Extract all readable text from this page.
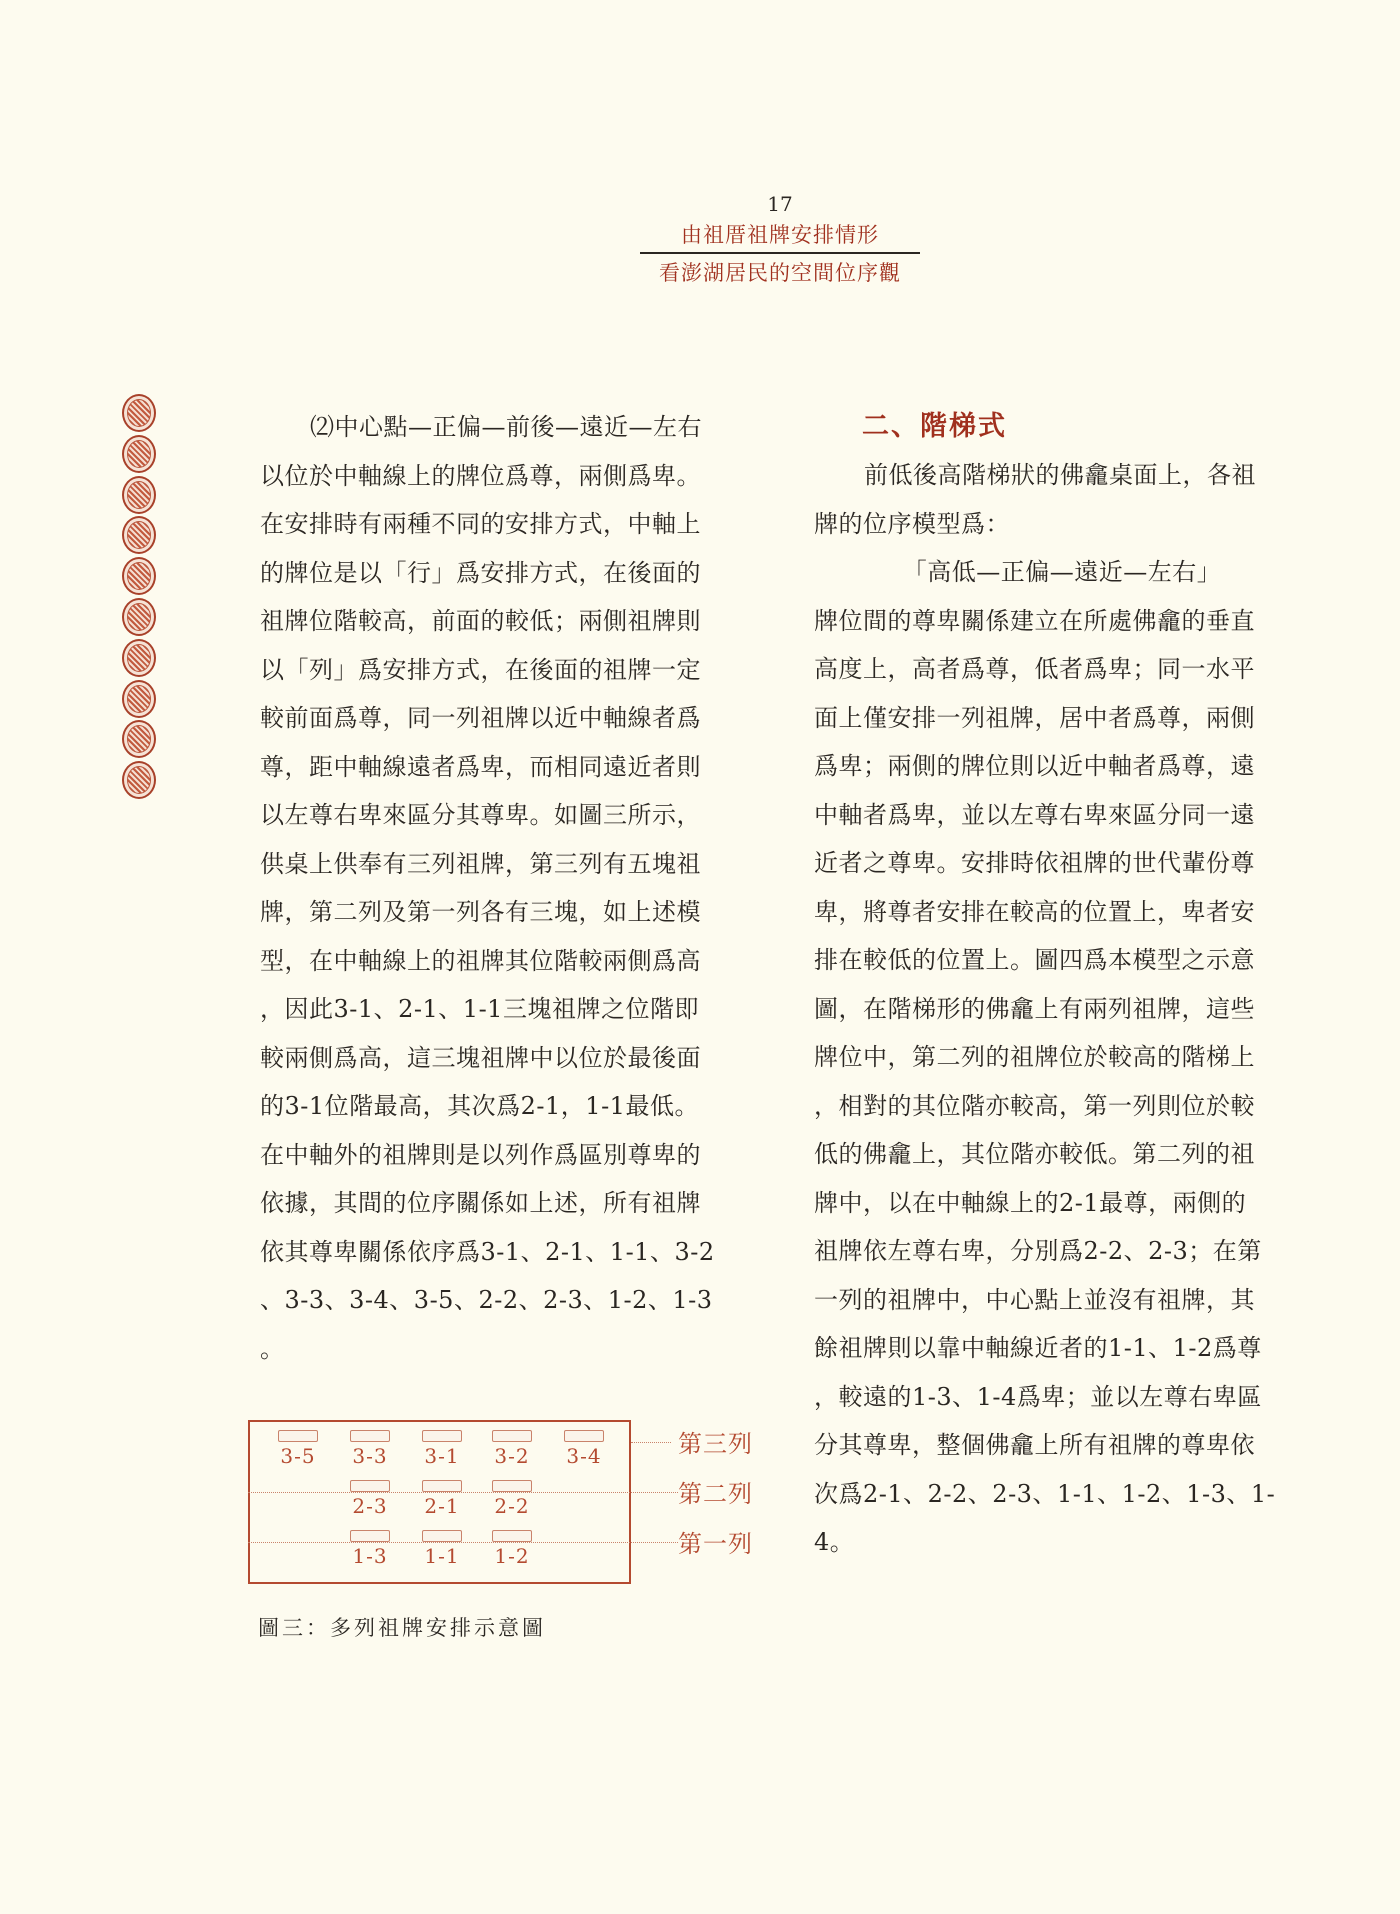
17
由祖厝祖牌安排情形
看澎湖居民的空間位序觀

⑵中心點—正偏—前後—遠近—左右

以位於中軸線上的牌位爲尊，兩側爲卑。

在安排時有兩種不同的安排方式，中軸上

的牌位是以「行」爲安排方式，在後面的

祖牌位階較高，前面的較低；兩側祖牌則

以「列」爲安排方式，在後面的祖牌一定

較前面爲尊，同一列祖牌以近中軸線者爲

尊，距中軸線遠者爲卑，而相同遠近者則

以左尊右卑來區分其尊卑。如圖三所示，

供桌上供奉有三列祖牌，第三列有五塊祖

牌，第二列及第一列各有三塊，如上述模

型，在中軸線上的祖牌其位階較兩側爲高

，因此3-1、2-1、1-1三塊祖牌之位階即

較兩側爲高，這三塊祖牌中以位於最後面

的3-1位階最高，其次爲2-1，1-1最低。

在中軸外的祖牌則是以列作爲區別尊卑的

依據，其間的位序關係如上述，所有祖牌

依其尊卑關係依序爲3-1、2-1、1-1、3-2

、3-3、3-4、3-5、2-2、2-3、1-2、1-3

。

二、階梯式

前低後高階梯狀的佛龕桌面上，各祖

牌的位序模型爲：

「高低—正偏—遠近—左右」

牌位間的尊卑關係建立在所處佛龕的垂直

高度上，高者爲尊，低者爲卑；同一水平

面上僅安排一列祖牌，居中者爲尊，兩側

爲卑；兩側的牌位則以近中軸者爲尊，遠

中軸者爲卑，並以左尊右卑來區分同一遠

近者之尊卑。安排時依祖牌的世代輩份尊

卑，將尊者安排在較高的位置上，卑者安

排在較低的位置上。圖四爲本模型之示意

圖，在階梯形的佛龕上有兩列祖牌，這些

牌位中，第二列的祖牌位於較高的階梯上

，相對的其位階亦較高，第一列則位於較

低的佛龕上，其位階亦較低。第二列的祖

牌中，以在中軸線上的2-1最尊，兩側的

祖牌依左尊右卑，分別爲2-2、2-3；在第

一列的祖牌中，中心點上並沒有祖牌，其

餘祖牌則以靠中軸線近者的1-1、1-2爲尊

，較遠的1-3、1-4爲卑；並以左尊右卑區

分其尊卑，整個佛龕上所有祖牌的尊卑依

次爲2-1、2-2、2-3、1-1、1-2、1-3、1-

4。

3-5 3-3 3-1 3-2 3-4
2-3 2-1 2-2
1-3 1-1 1-2
第三列
第二列
第一列
圖三：多列祖牌安排示意圖
